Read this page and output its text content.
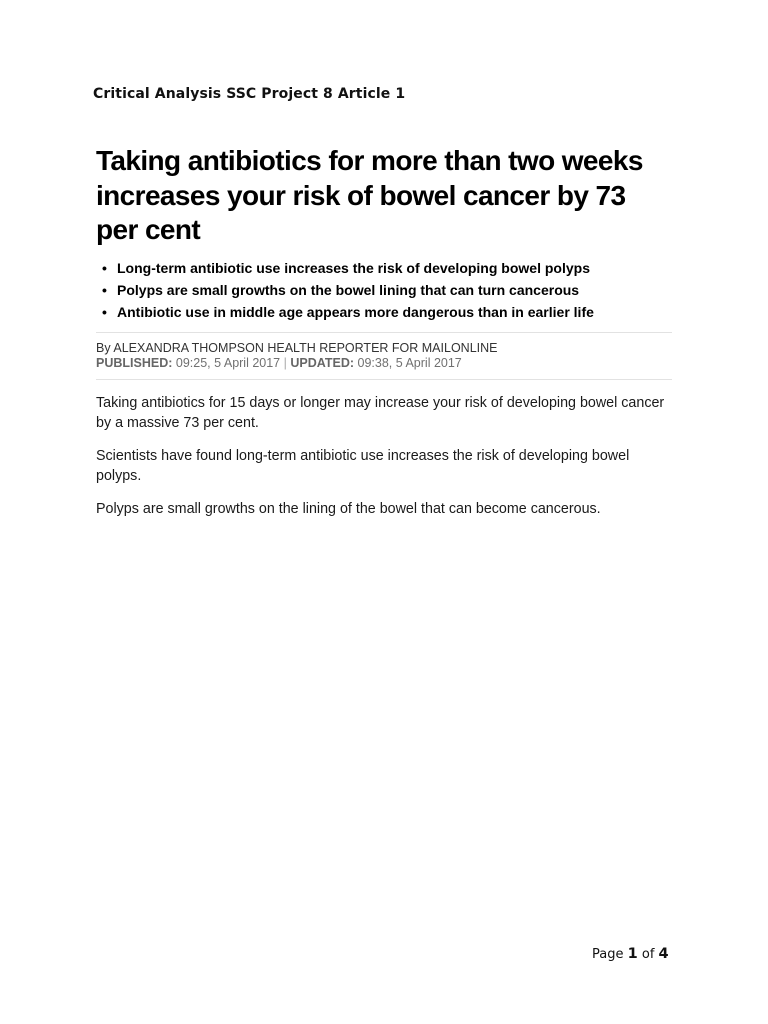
Critical Analysis SSC Project 8 Article 1
Taking antibiotics for more than two weeks increases your risk of bowel cancer by 73 per cent
• Long-term antibiotic use increases the risk of developing bowel polyps
• Polyps are small growths on the bowel lining that can turn cancerous
• Antibiotic use in middle age appears more dangerous than in earlier life
By ALEXANDRA THOMPSON HEALTH REPORTER FOR MAILONLINE
PUBLISHED: 09:25, 5 April 2017 | UPDATED: 09:38, 5 April 2017

Taking antibiotics for 15 days or longer may increase your risk of developing bowel cancer by a massive 73 per cent.

Scientists have found long-term antibiotic use increases the risk of developing bowel polyps.

Polyps are small growths on the lining of the bowel that can become cancerous.

Page 1 of 4
